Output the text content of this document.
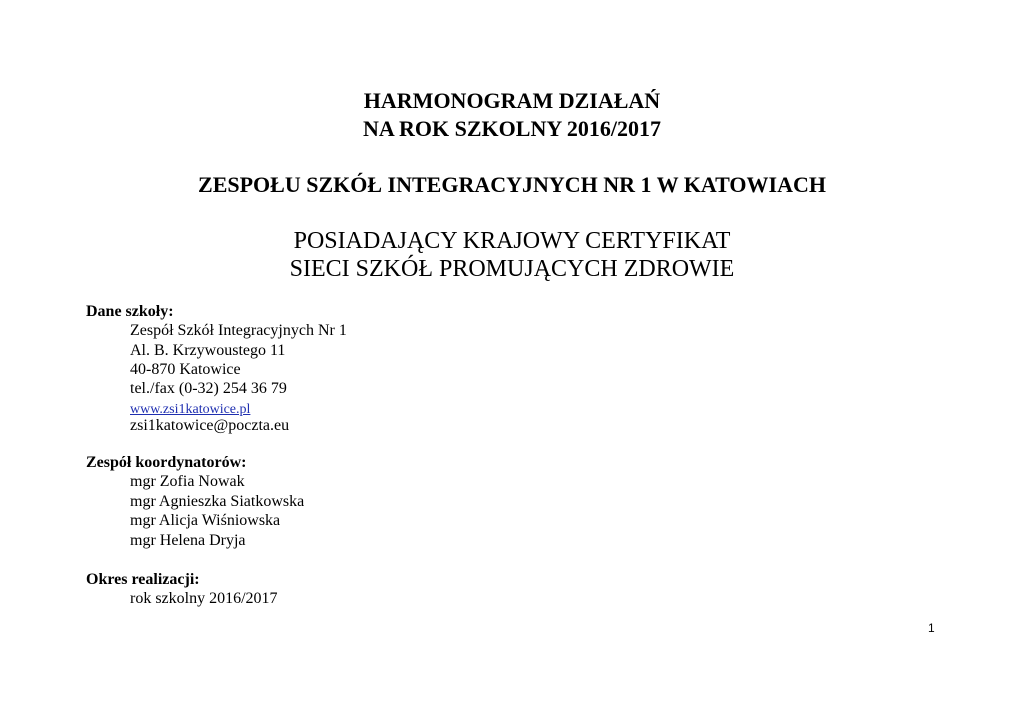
HARMONOGRAM DZIAŁAŃ
NA ROK SZKOLNY 2016/2017
ZESPOŁU SZKÓŁ INTEGRACYJNYCH NR 1 W KATOWIACH
POSIADAJĄCY KRAJOWY CERTYFIKAT
SIECI SZKÓŁ PROMUJĄCYCH ZDROWIE
Dane szkoły:
Zespół Szkół Integracyjnych Nr 1
Al. B. Krzywoustego 11
40-870 Katowice
tel./fax (0-32) 254 36 79
www.zsi1katowice.pl
zsi1katowice@poczta.eu
Zespół koordynatorów:
mgr Zofia Nowak
mgr Agnieszka Siatkowska
mgr Alicja Wiśniowska
mgr Helena Dryja
Okres realizacji:
rok szkolny 2016/2017
1
